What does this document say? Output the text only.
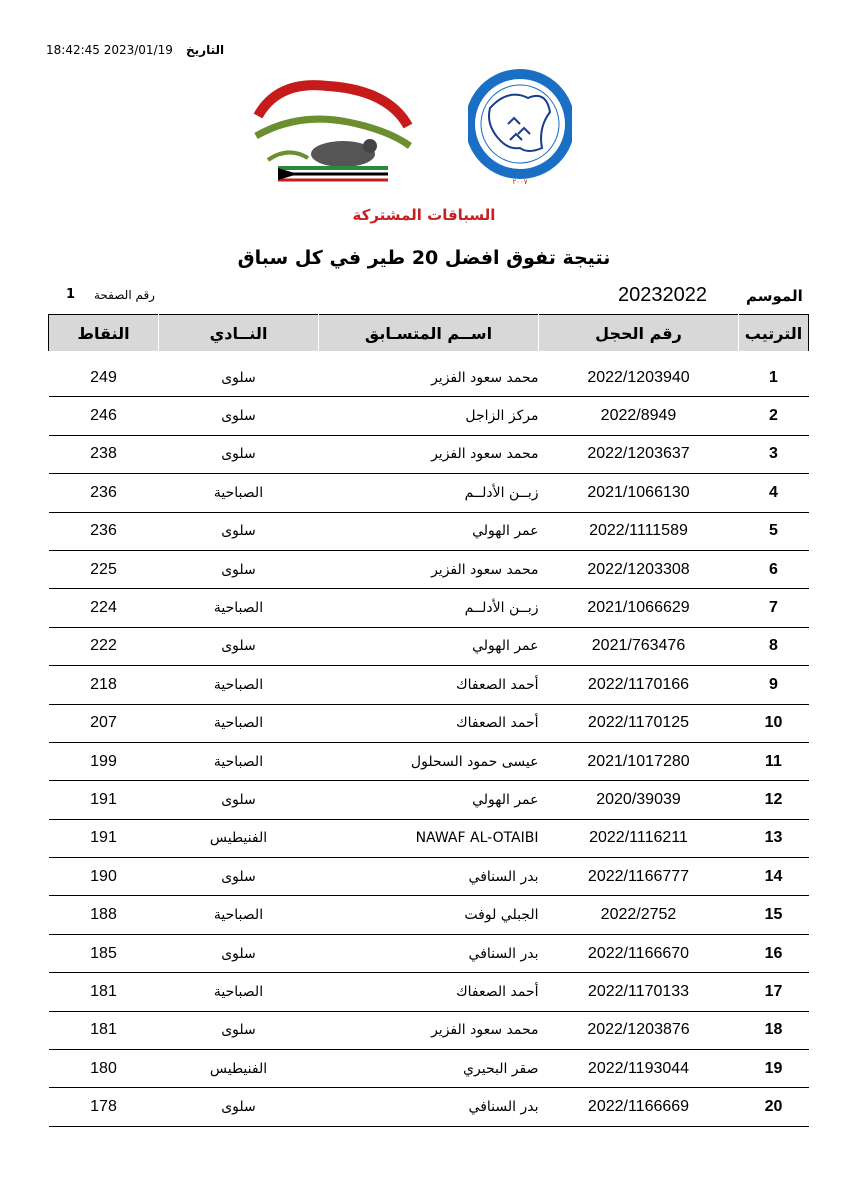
18:42:45 2023/01/19 التاريخ
٢٠٠٧
السباقات المشتركة
نتيجة تفوق افضل 20 طير في كل سباق
الموسم
20232022
رقم الصفحة
1
الترتيب	رقم الحجل	اســم المتسـابق	النــادي	النقاط
1	2022/1203940	محمد سعود الفزير	سلوى	249
2	2022/8949	مركز الزاجل	سلوى	246
3	2022/1203637	محمد سعود الفزير	سلوى	238
4	2021/1066130	زبــن الأدلــم	الصباحية	236
5	2022/1111589	عمر الهولي	سلوى	236
6	2022/1203308	محمد سعود الفزير	سلوى	225
7	2021/1066629	زبــن الأدلــم	الصباحية	224
8	2021/763476	عمر الهولي	سلوى	222
9	2022/1170166	أحمد الصعفاك	الصباحية	218
10	2022/1170125	أحمد الصعفاك	الصباحية	207
11	2021/1017280	عيسى حمود السحلول	الصباحية	199
12	2020/39039	عمر الهولي	سلوى	191
13	2022/1116211	NAWAF AL-OTAIBI	الفنيطيس	191
14	2022/1166777	بدر السنافي	سلوى	190
15	2022/2752	الجبلي لوفت	الصباحية	188
16	2022/1166670	بدر السنافي	سلوى	185
17	2022/1170133	أحمد الصعفاك	الصباحية	181
18	2022/1203876	محمد سعود الفزير	سلوى	181
19	2022/1193044	صقر البحيري	الفنيطيس	180
20	2022/1166669	بدر السنافي	سلوى	178
